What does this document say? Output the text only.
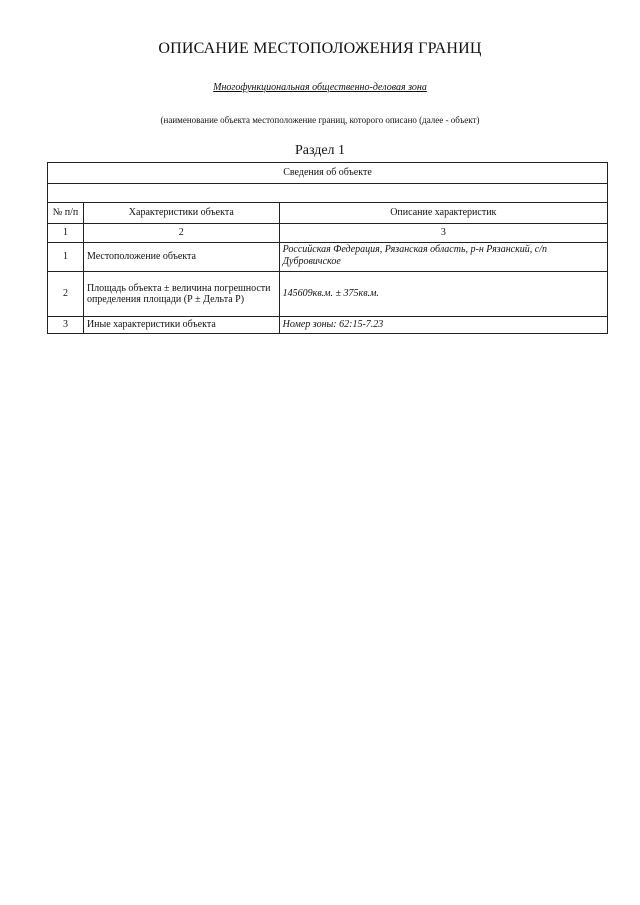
ОПИСАНИЕ МЕСТОПОЛОЖЕНИЯ ГРАНИЦ
Многофункциональная общественно-деловая зона
(наименование объекта местоположение границ, которого описано (далее - объект)
Раздел 1
Сведения об объекте		

№ п/п	Характеристики объекта	Описание характеристик
1	2	3
1	Местоположение объекта	Российская Федерация, Рязанская область, р-н Рязанский, с/п Дубровичское
2	Площадь объекта ± величина погрешности определения площади (Р ± Дельта Р)	145609кв.м. ± 375кв.м.
3	Иные характеристики объекта	Номер зоны: 62:15-7.23
